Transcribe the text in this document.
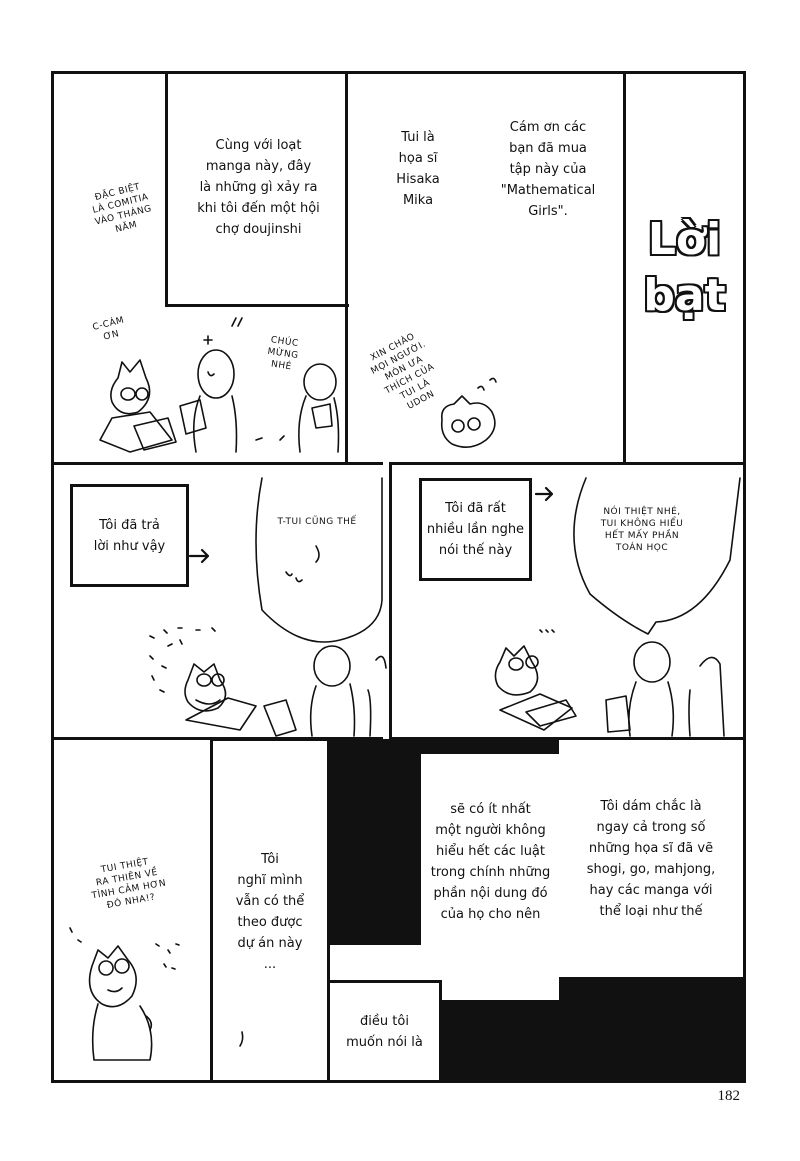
Cùng với loạt
manga này, đây
là những gì xảy ra
khi tôi đến một hội
chợ doujinshi
ĐẶC BIỆT
LÀ COMITIA
VÀO THÁNG
NĂM
C-CÁM
ƠN	CHÚC
MỪNG
NHÉ
Tui là
họa sĩ
Hisaka
Mika
Cám ơn các
bạn đã mua
tập này của
"Mathematical
Girls".
XIN CHÀO
MỌI NGƯỜI.
MÓN ƯA
THÍCH CỦA
TUI LÀ
UDON
Lời
bạt
Tôi đã trả
lời như vậy
Tôi đã rất
nhiều lần nghe
nói thế này
T-TUI CŨNG THẾ
NÓI THIỆT NHÉ,
TUI KHÔNG HIỂU
HẾT MẤY PHẦN
TOÁN HỌC
TUI THIỆT
RA THIÊN VỀ
TÌNH CẢM HƠN
ĐÓ NHA!?
Tôi
nghĩ mình
vẫn có thể
theo được
dự án này
...
sẽ có ít nhất
một người không
hiểu hết các luật
trong chính những
phần nội dung đó
của họ cho nên
Tôi dám chắc là
ngay cả trong số
những họa sĩ đã vẽ
shogi, go, mahjong,
hay các manga với
thể loại như thế
điều tôi
muốn nói là
182
